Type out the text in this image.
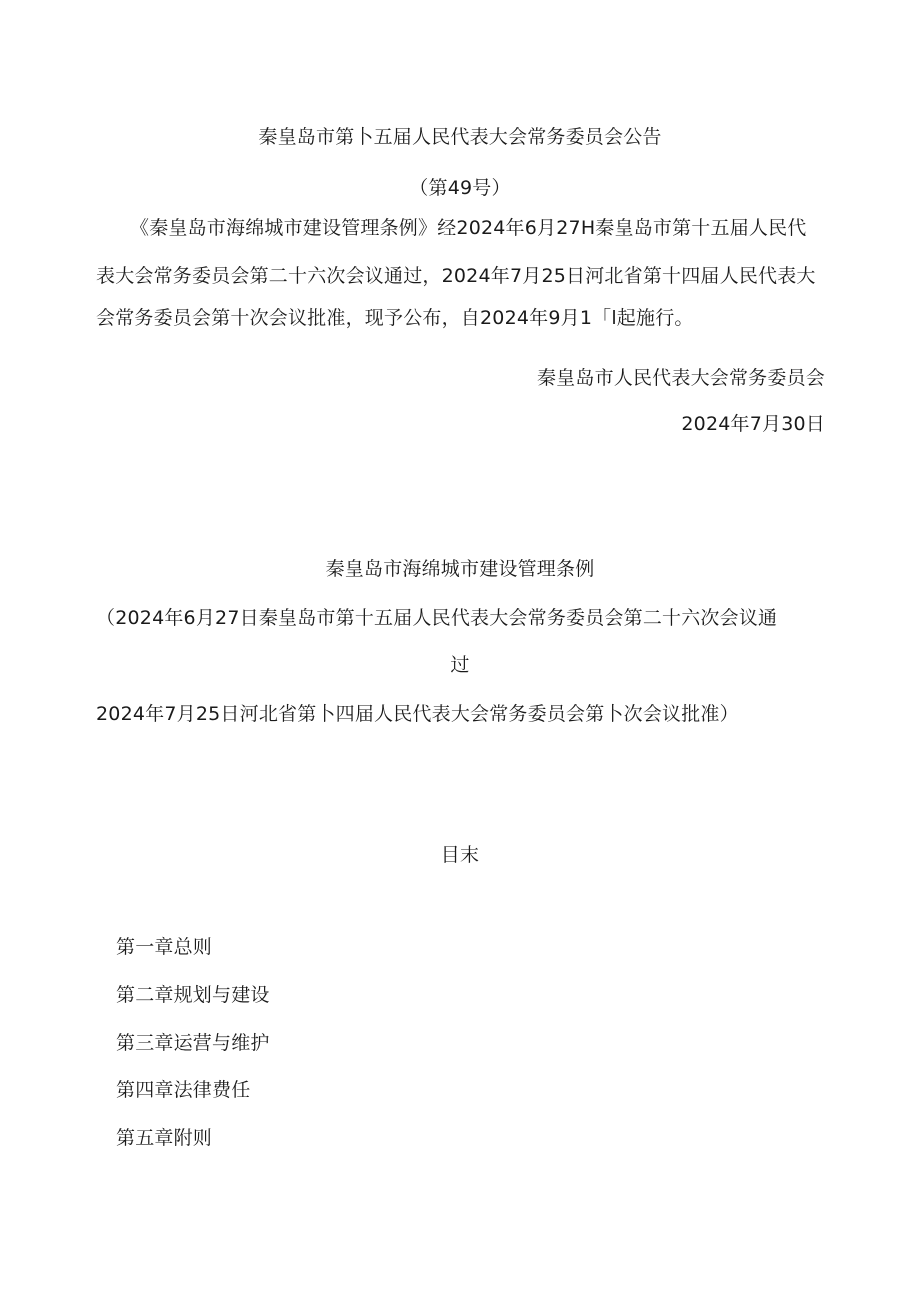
秦皇岛市第卜五届人民代表大会常务委员会公告
（第49号）
《秦皇岛市海绵城市建设管理条例》经2024年6月27H秦皇岛市第十五届人民代
表大会常务委员会第二十六次会议通过，2024年7月25日河北省第十四届人民代表大
会常务委员会第十次会议批准，现予公布，自2024年9月1「l起施行。
秦皇岛市人民代表大会常务委员会
2024年7月30日
秦皇岛市海绵城市建设管理条例
（2024年6月27日秦皇岛市第十五届人民代表大会常务委员会第二十六次会议通
过
2024年7月25日河北省第卜四届人民代表大会常务委员会第卜次会议批准）
目末
第一章总则
第二章规划与建设
第三章运营与维护
第四章法律费任
第五章附则
